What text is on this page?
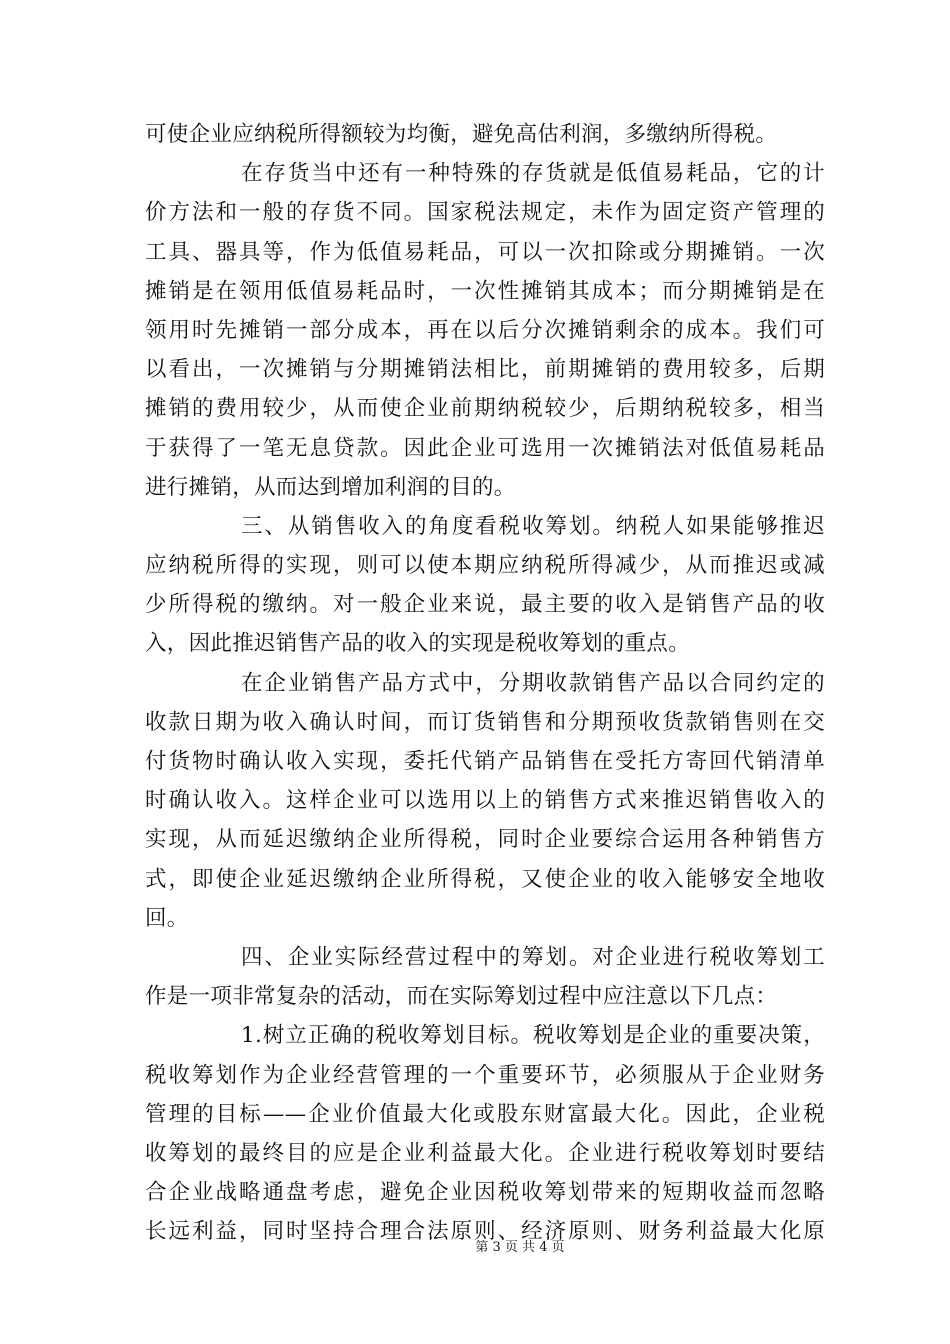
可使企业应纳税所得额较为均衡，避免高估利润，多缴纳所得税。
在存货当中还有一种特殊的存货就是低值易耗品，它的计
价方法和一般的存货不同。国家税法规定，未作为固定资产管理的
工具、器具等，作为低值易耗品，可以一次扣除或分期摊销。一次
摊销是在领用低值易耗品时，一次性摊销其成本；而分期摊销是在
领用时先摊销一部分成本，再在以后分次摊销剩余的成本。我们可
以看出，一次摊销与分期摊销法相比，前期摊销的费用较多，后期
摊销的费用较少，从而使企业前期纳税较少，后期纳税较多，相当
于获得了一笔无息贷款。因此企业可选用一次摊销法对低值易耗品
进行摊销，从而达到增加利润的目的。
三、从销售收入的角度看税收筹划。纳税人如果能够推迟
应纳税所得的实现，则可以使本期应纳税所得减少，从而推迟或减
少所得税的缴纳。对一般企业来说，最主要的收入是销售产品的收
入，因此推迟销售产品的收入的实现是税收筹划的重点。
在企业销售产品方式中，分期收款销售产品以合同约定的
收款日期为收入确认时间，而订货销售和分期预收货款销售则在交
付货物时确认收入实现，委托代销产品销售在受托方寄回代销清单
时确认收入。这样企业可以选用以上的销售方式来推迟销售收入的
实现，从而延迟缴纳企业所得税，同时企业要综合运用各种销售方
式，即使企业延迟缴纳企业所得税，又使企业的收入能够安全地收
回。
四、企业实际经营过程中的筹划。对企业进行税收筹划工
作是一项非常复杂的活动，而在实际筹划过程中应注意以下几点：
1.树立正确的税收筹划目标。税收筹划是企业的重要决策，
税收筹划作为企业经营管理的一个重要环节，必须服从于企业财务
管理的目标——企业价值最大化或股东财富最大化。因此，企业税
收筹划的最终目的应是企业利益最大化。企业进行税收筹划时要结
合企业战略通盘考虑，避免企业因税收筹划带来的短期收益而忽略
长远利益，同时坚持合理合法原则、经济原则、财务利益最大化原
第 3 页 共 4 页
